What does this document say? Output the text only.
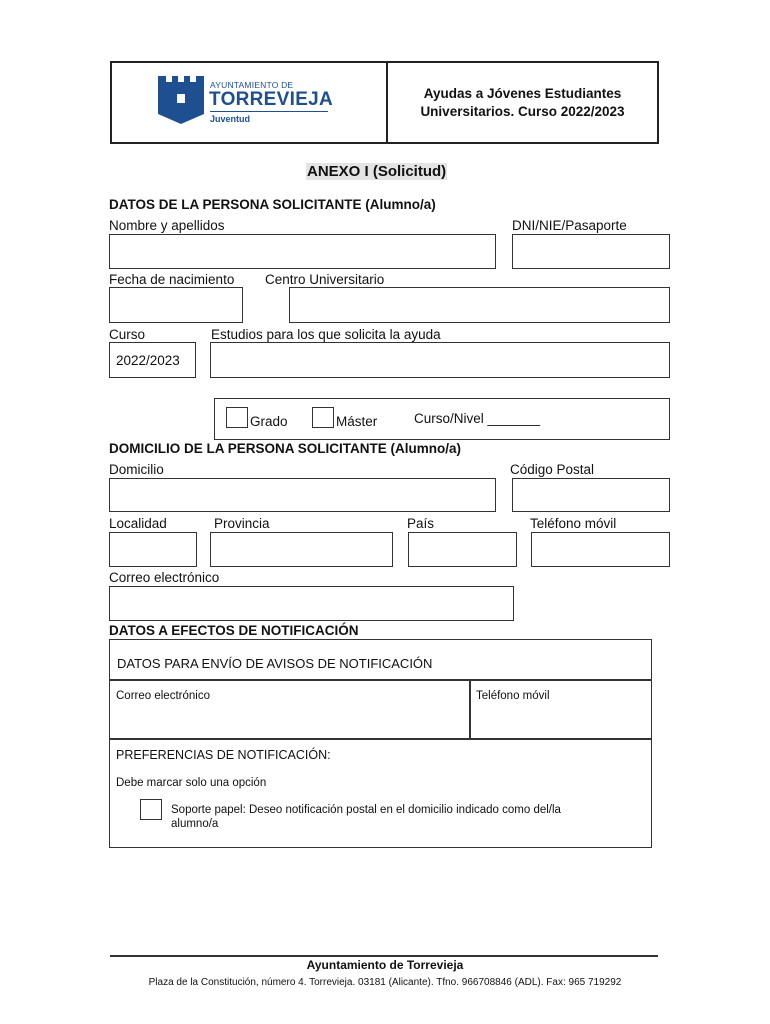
Ayudas a Jóvenes Estudiantes
Universitarios. Curso 2022/2023
AYUNTAMIENTO DE
TORREVIEJA
Juventud
ANEXO I (Solicitud)
DATOS DE LA PERSONA SOLICITANTE (Alumno/a)
Nombre y apellidos	DNI/NIE/Pasaporte
Fecha de nacimiento Centro Universitario
Curso	Estudios para los que solicita la ayuda
2022/2023
Grado	Máster	Curso/Nivel _______
DOMICILIO DE LA PERSONA SOLICITANTE (Alumno/a)
Domicilio	Código Postal
Localidad	Provincia	País	Teléfono móvil
Correo electrónico
DATOS A EFECTOS DE NOTIFICACIÓN
DATOS PARA ENVÍO DE AVISOS DE NOTIFICACIÓN
Correo electrónico	Teléfono móvil
PREFERENCIAS DE NOTIFICACIÓN:
Debe marcar solo una opción
Soporte papel: Deseo notificación postal en el domicilio indicado como del/la
alumno/a
Ayuntamiento de Torrevieja
Plaza de la Constitución, número 4. Torrevieja. 03181 (Alicante). Tfno. 966708846 (ADL). Fax: 965 719292
